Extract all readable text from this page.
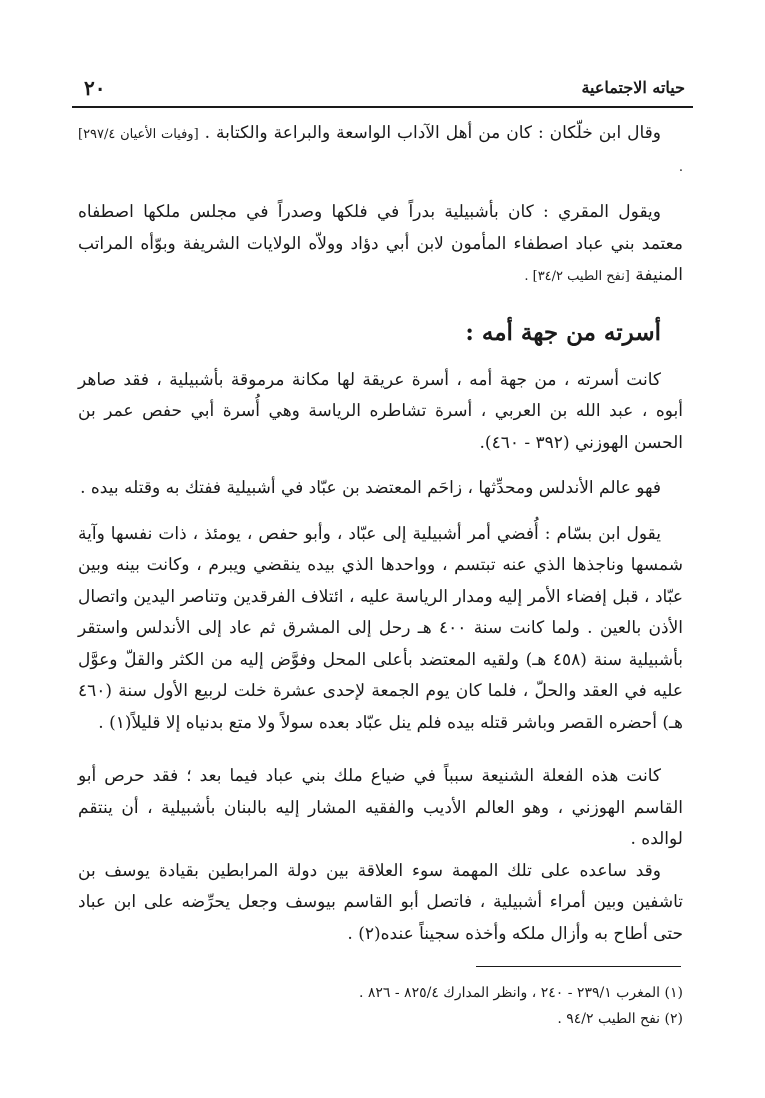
حياته الاجتماعية
٢٠

وقال ابن خلّكان : كان من أهل الآداب الواسعة والبراعة والكتابة . [وفيات الأعيان ٢٩٧/٤] .

ويقول المقري : كان بأشبيلية بدراً في فلكها وصدراً في مجلس ملكها اصطفاه معتمد بني عباد اصطفاء المأمون لابن أبي دؤاد وولاّه الولايات الشريفة وبوّأه المراتب المنيفة [نفح الطيب ٣٤/٢] .

أسرته من جهة أمه :

كانت أسرته ، من جهة أمه ، أسرة عريقة لها مكانة مرموقة بأشبيلية ، فقد صاهر أبوه ، عبد الله بن العربي ، أسرة تشاطره الرياسة وهي أُسرة أبي حفص عمر بن الحسن الهوزني (٣٩٢ - ٤٦٠).

فهو عالم الأندلس ومحدِّثها ، زاحَم المعتضد بن عبّاد في أشبيلية ففتك به وقتله بيده .

يقول ابن بسّام : أُفضي أمر أشبيلية إلى عبّاد ، وأبو حفص ، يومئذ ، ذات نفسها وآية شمسها وناجذها الذي عنه تبتسم ، وواحدها الذي بيده ينقضي ويبرم ، وكانت بينه وبين عبّاد ، قبل إفضاء الأمر إليه ومدار الرياسة عليه ، ائتلاف الفرقدين وتناصر اليدين واتصال الأذن بالعين . ولما كانت سنة ٤٠٠ هـ رحل إلى المشرق ثم عاد إلى الأندلس واستقر بأشبيلية سنة (٤٥٨ هـ) ولقيه المعتضد بأعلى المحل وفوَّض إليه من الكثر والقلّ وعوَّل عليه في العقد والحلّ ، فلما كان يوم الجمعة لإحدى عشرة خلت لربيع الأول سنة (٤٦٠ هـ) أحضره القصر وباشر قتله بيده فلم ينل عبّاد بعده سولاً ولا متع بدنياه إلا قليلاً(١) .

كانت هذه الفعلة الشنيعة سبباً في ضياع ملك بني عباد فيما بعد ؛ فقد حرص أبو القاسم الهوزني ، وهو العالم الأديب والفقيه المشار إليه بالبنان بأشبيلية ، أن ينتقم لوالده .

وقد ساعده على تلك المهمة سوء العلاقة بين دولة المرابطين بقيادة يوسف بن تاشفين وبين أمراء أشبيلية ، فاتصل أبو القاسم بيوسف وجعل يحرِّضه على ابن عباد حتى أطاح به وأزال ملكه وأخذه سجيناً عنده(٢) .

(١) المغرب ٢٣٩/١ - ٢٤٠ ، وانظر المدارك ٨٢٥/٤ - ٨٢٦ .

(٢) نفح الطيب ٩٤/٢ .
